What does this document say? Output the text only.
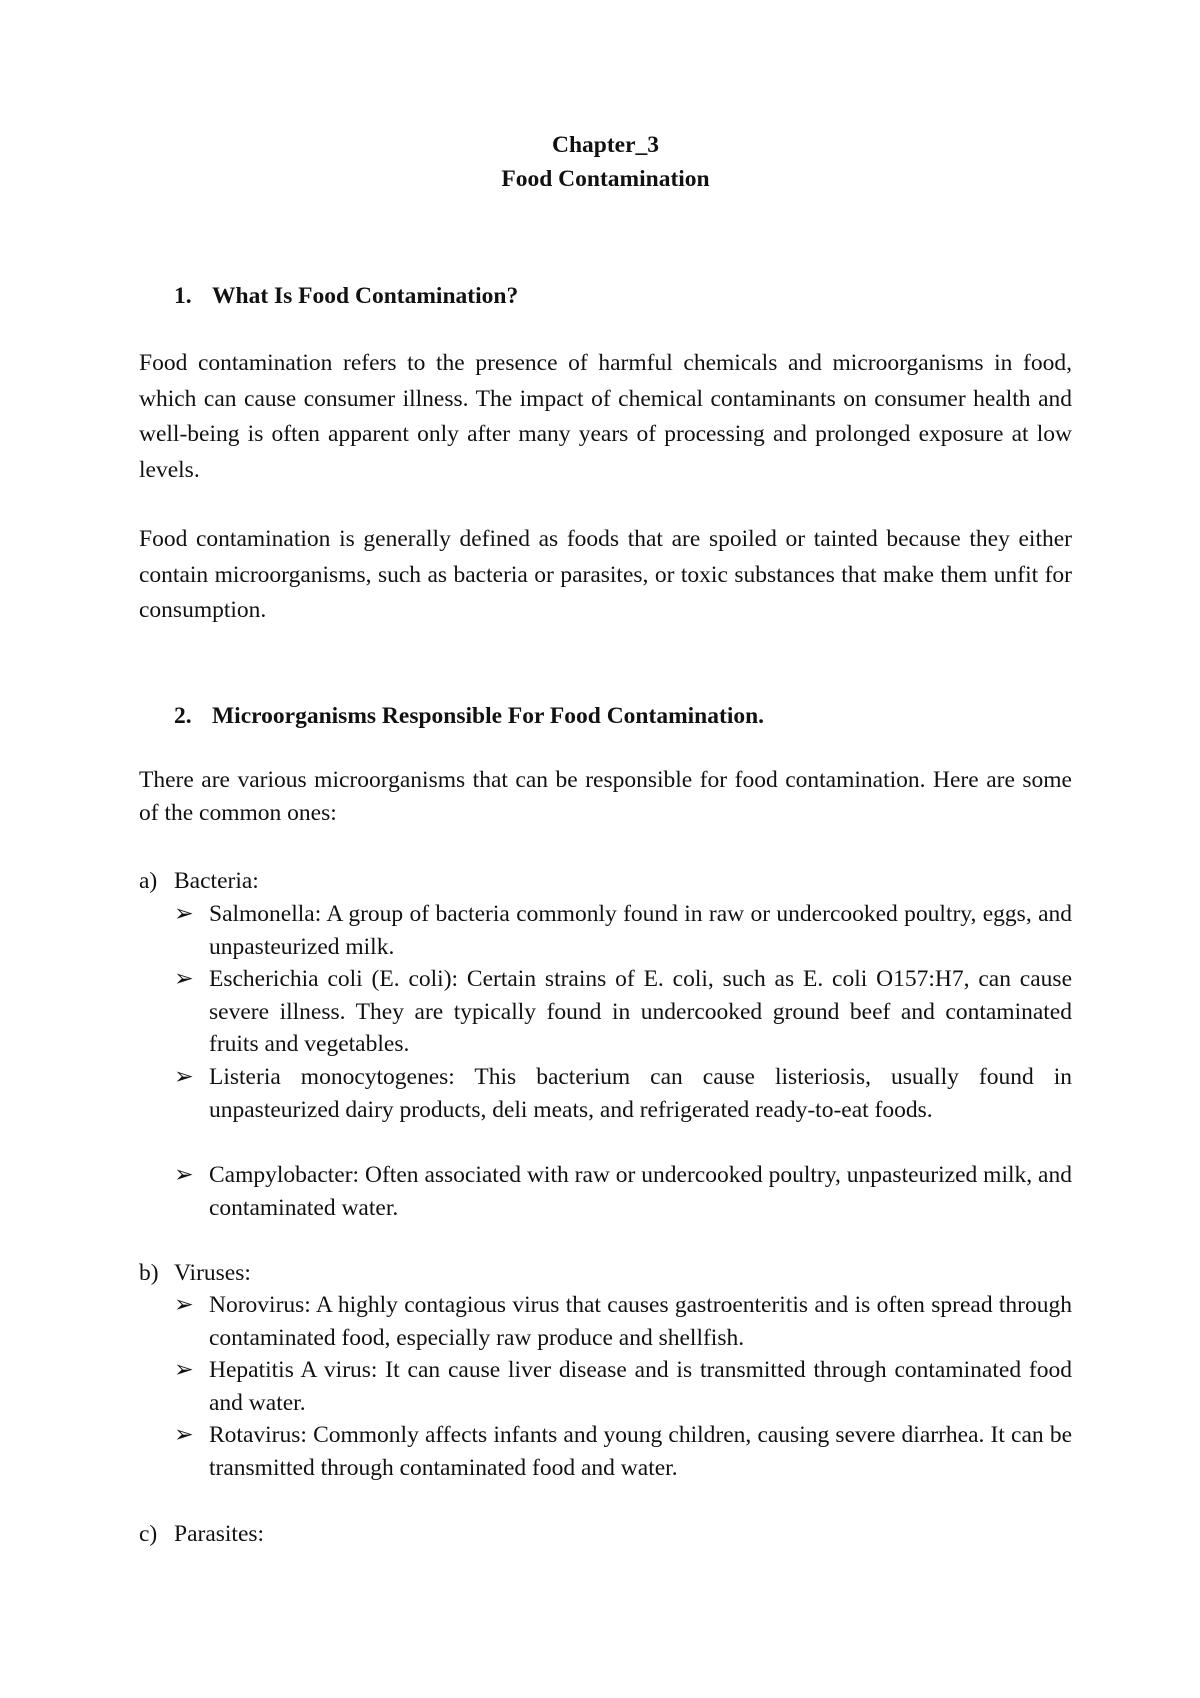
Chapter_3
Food Contamination
1. What Is Food Contamination?

Food contamination refers to the presence of harmful chemicals and microorganisms in food, which can cause consumer illness. The impact of chemical contaminants on consumer health and well-being is often apparent only after many years of processing and prolonged exposure at low levels.

Food contamination is generally defined as foods that are spoiled or tainted because they either contain microorganisms, such as bacteria or parasites, or toxic substances that make them unfit for consumption.

2. Microorganisms Responsible For Food Contamination.

There are various microorganisms that can be responsible for food contamination. Here are some of the common ones:

a) Bacteria:
➢ Salmonella: A group of bacteria commonly found in raw or undercooked poultry, eggs, and unpasteurized milk.
➢ Escherichia coli (E. coli): Certain strains of E. coli, such as E. coli O157:H7, can cause severe illness. They are typically found in undercooked ground beef and contaminated fruits and vegetables.
➢ Listeria monocytogenes: This bacterium can cause listeriosis, usually found in unpasteurized dairy products, deli meats, and refrigerated ready-to-eat foods.
➢ Campylobacter: Often associated with raw or undercooked poultry, unpasteurized milk, and contaminated water.
b) Viruses:
➢ Norovirus: A highly contagious virus that causes gastroenteritis and is often spread through contaminated food, especially raw produce and shellfish.
➢ Hepatitis A virus: It can cause liver disease and is transmitted through contaminated food and water.
➢ Rotavirus: Commonly affects infants and young children, causing severe diarrhea. It can be transmitted through contaminated food and water.
c) Parasites:
